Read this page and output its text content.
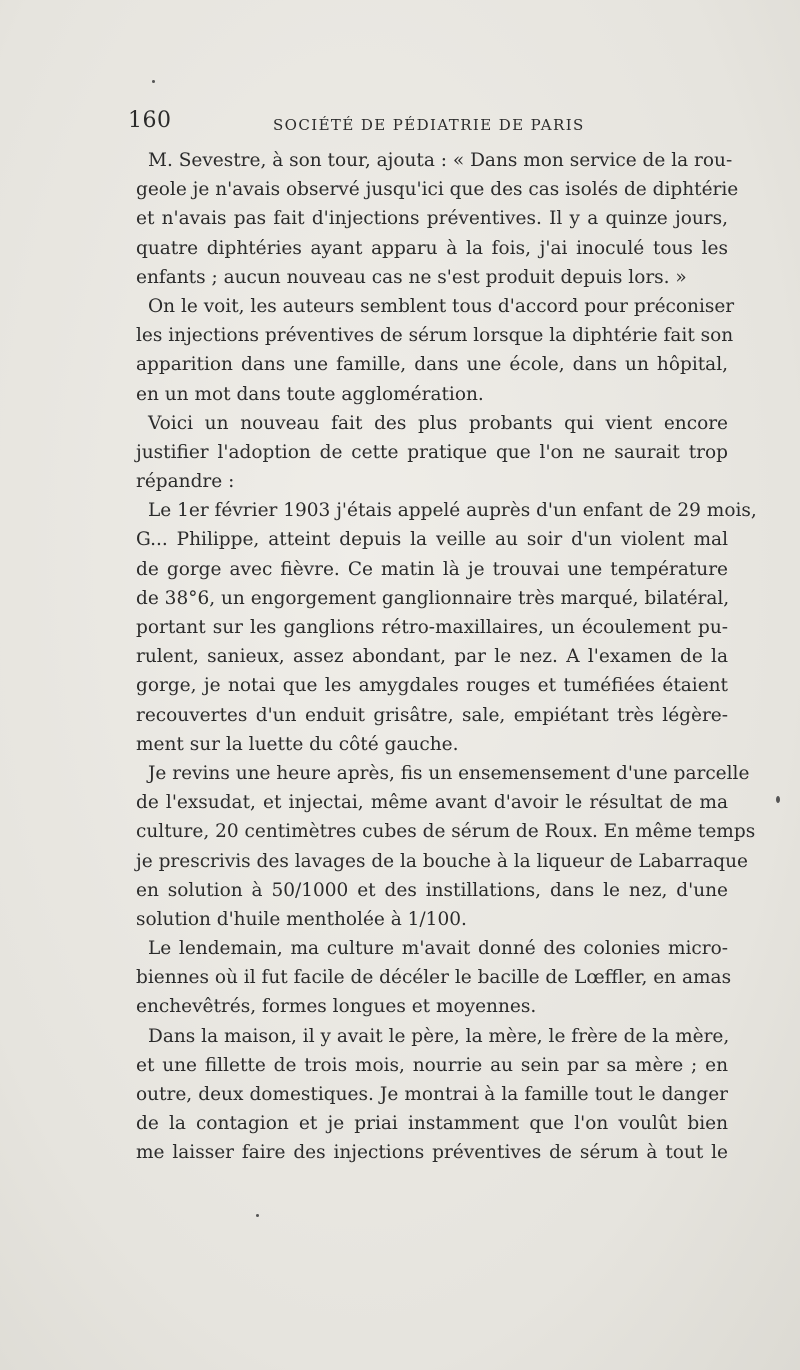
160	SOCIÉTÉ DE PÉDIATRIE DE PARIS
M. Sevestre, à son tour, ajouta : « Dans mon service de la rou-
geole je n'avais observé jusqu'ici que des cas isolés de diphtérie
et n'avais pas fait d'injections préventives. Il y a quinze jours,
quatre diphtéries ayant apparu à la fois, j'ai inoculé tous les
enfants ; aucun nouveau cas ne s'est produit depuis lors. »
On le voit, les auteurs semblent tous d'accord pour préconiser
les injections préventives de sérum lorsque la diphtérie fait son
apparition dans une famille, dans une école, dans un hôpital,
en un mot dans toute agglomération.
Voici un nouveau fait des plus probants qui vient encore
justifier l'adoption de cette pratique que l'on ne saurait trop
répandre :
Le 1er février 1903 j'étais appelé auprès d'un enfant de 29 mois,
G... Philippe, atteint depuis la veille au soir d'un violent mal
de gorge avec fièvre. Ce matin là je trouvai une température
de 38°6, un engorgement ganglionnaire très marqué, bilatéral,
portant sur les ganglions rétro-maxillaires, un écoulement pu-
rulent, sanieux, assez abondant, par le nez. A l'examen de la
gorge, je notai que les amygdales rouges et tuméfiées étaient
recouvertes d'un enduit grisâtre, sale, empiétant très légère-
ment sur la luette du côté gauche.
Je revins une heure après, fis un ensemensement d'une parcelle
de l'exsudat, et injectai, même avant d'avoir le résultat de ma
culture, 20 centimètres cubes de sérum de Roux. En même temps
je prescrivis des lavages de la bouche à la liqueur de Labarraque
en solution à 50/1000 et des instillations, dans le nez, d'une
solution d'huile mentholée à 1/100.
Le lendemain, ma culture m'avait donné des colonies micro-
biennes où il fut facile de décéler le bacille de Lœffler, en amas
enchevêtrés, formes longues et moyennes.
Dans la maison, il y avait le père, la mère, le frère de la mère,
et une fillette de trois mois, nourrie au sein par sa mère ; en
outre, deux domestiques. Je montrai à la famille tout le danger
de la contagion et je priai instamment que l'on voulût bien
me laisser faire des injections préventives de sérum à tout le
